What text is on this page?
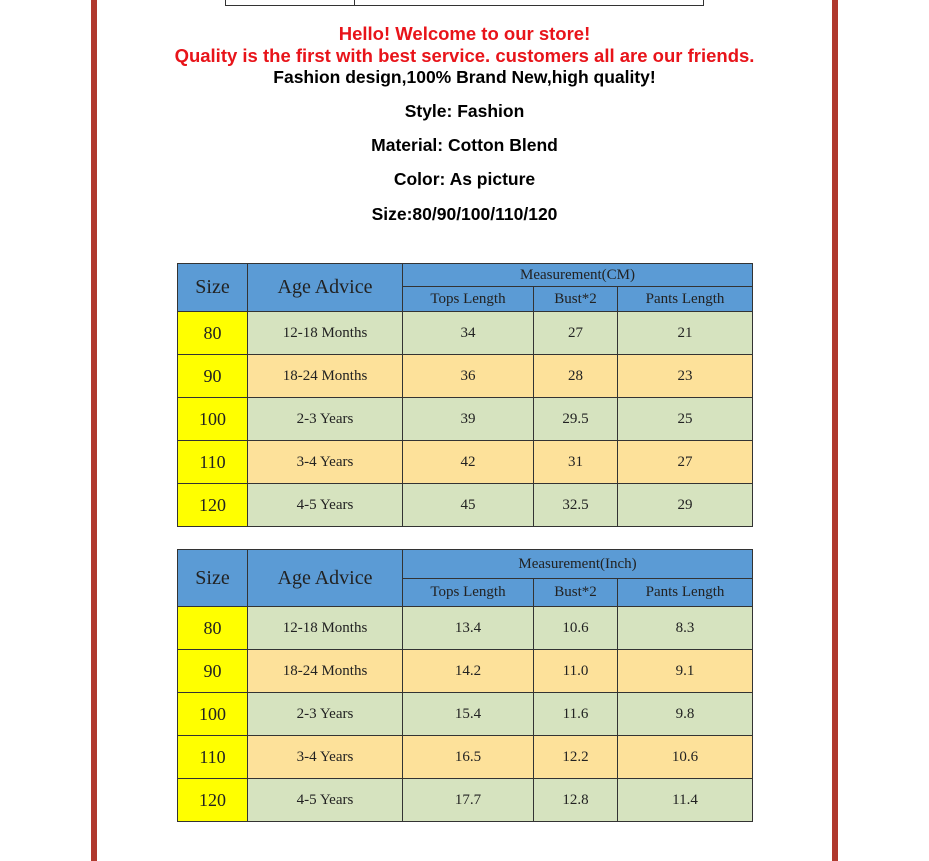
Hello! Welcome to our store!
Quality is the first with best service. customers all are our friends.
Fashion design,100% Brand New,high quality!
Style: Fashion
Material: Cotton Blend
Color: As picture
Size:80/90/100/110/120
Size	Age Advice	Measurement(CM)		
		Tops Length	Bust*2	Pants Length
80	12-18 Months	34	27	21
90	18-24 Months	36	28	23
100	2-3 Years	39	29.5	25
110	3-4 Years	42	31	27
120	4-5 Years	45	32.5	29
Size	Age Advice	Measurement(Inch)		
		Tops Length	Bust*2	Pants Length
80	12-18 Months	13.4	10.6	8.3
90	18-24 Months	14.2	11.0	9.1
100	2-3 Years	15.4	11.6	9.8
110	3-4 Years	16.5	12.2	10.6
120	4-5 Years	17.7	12.8	11.4
